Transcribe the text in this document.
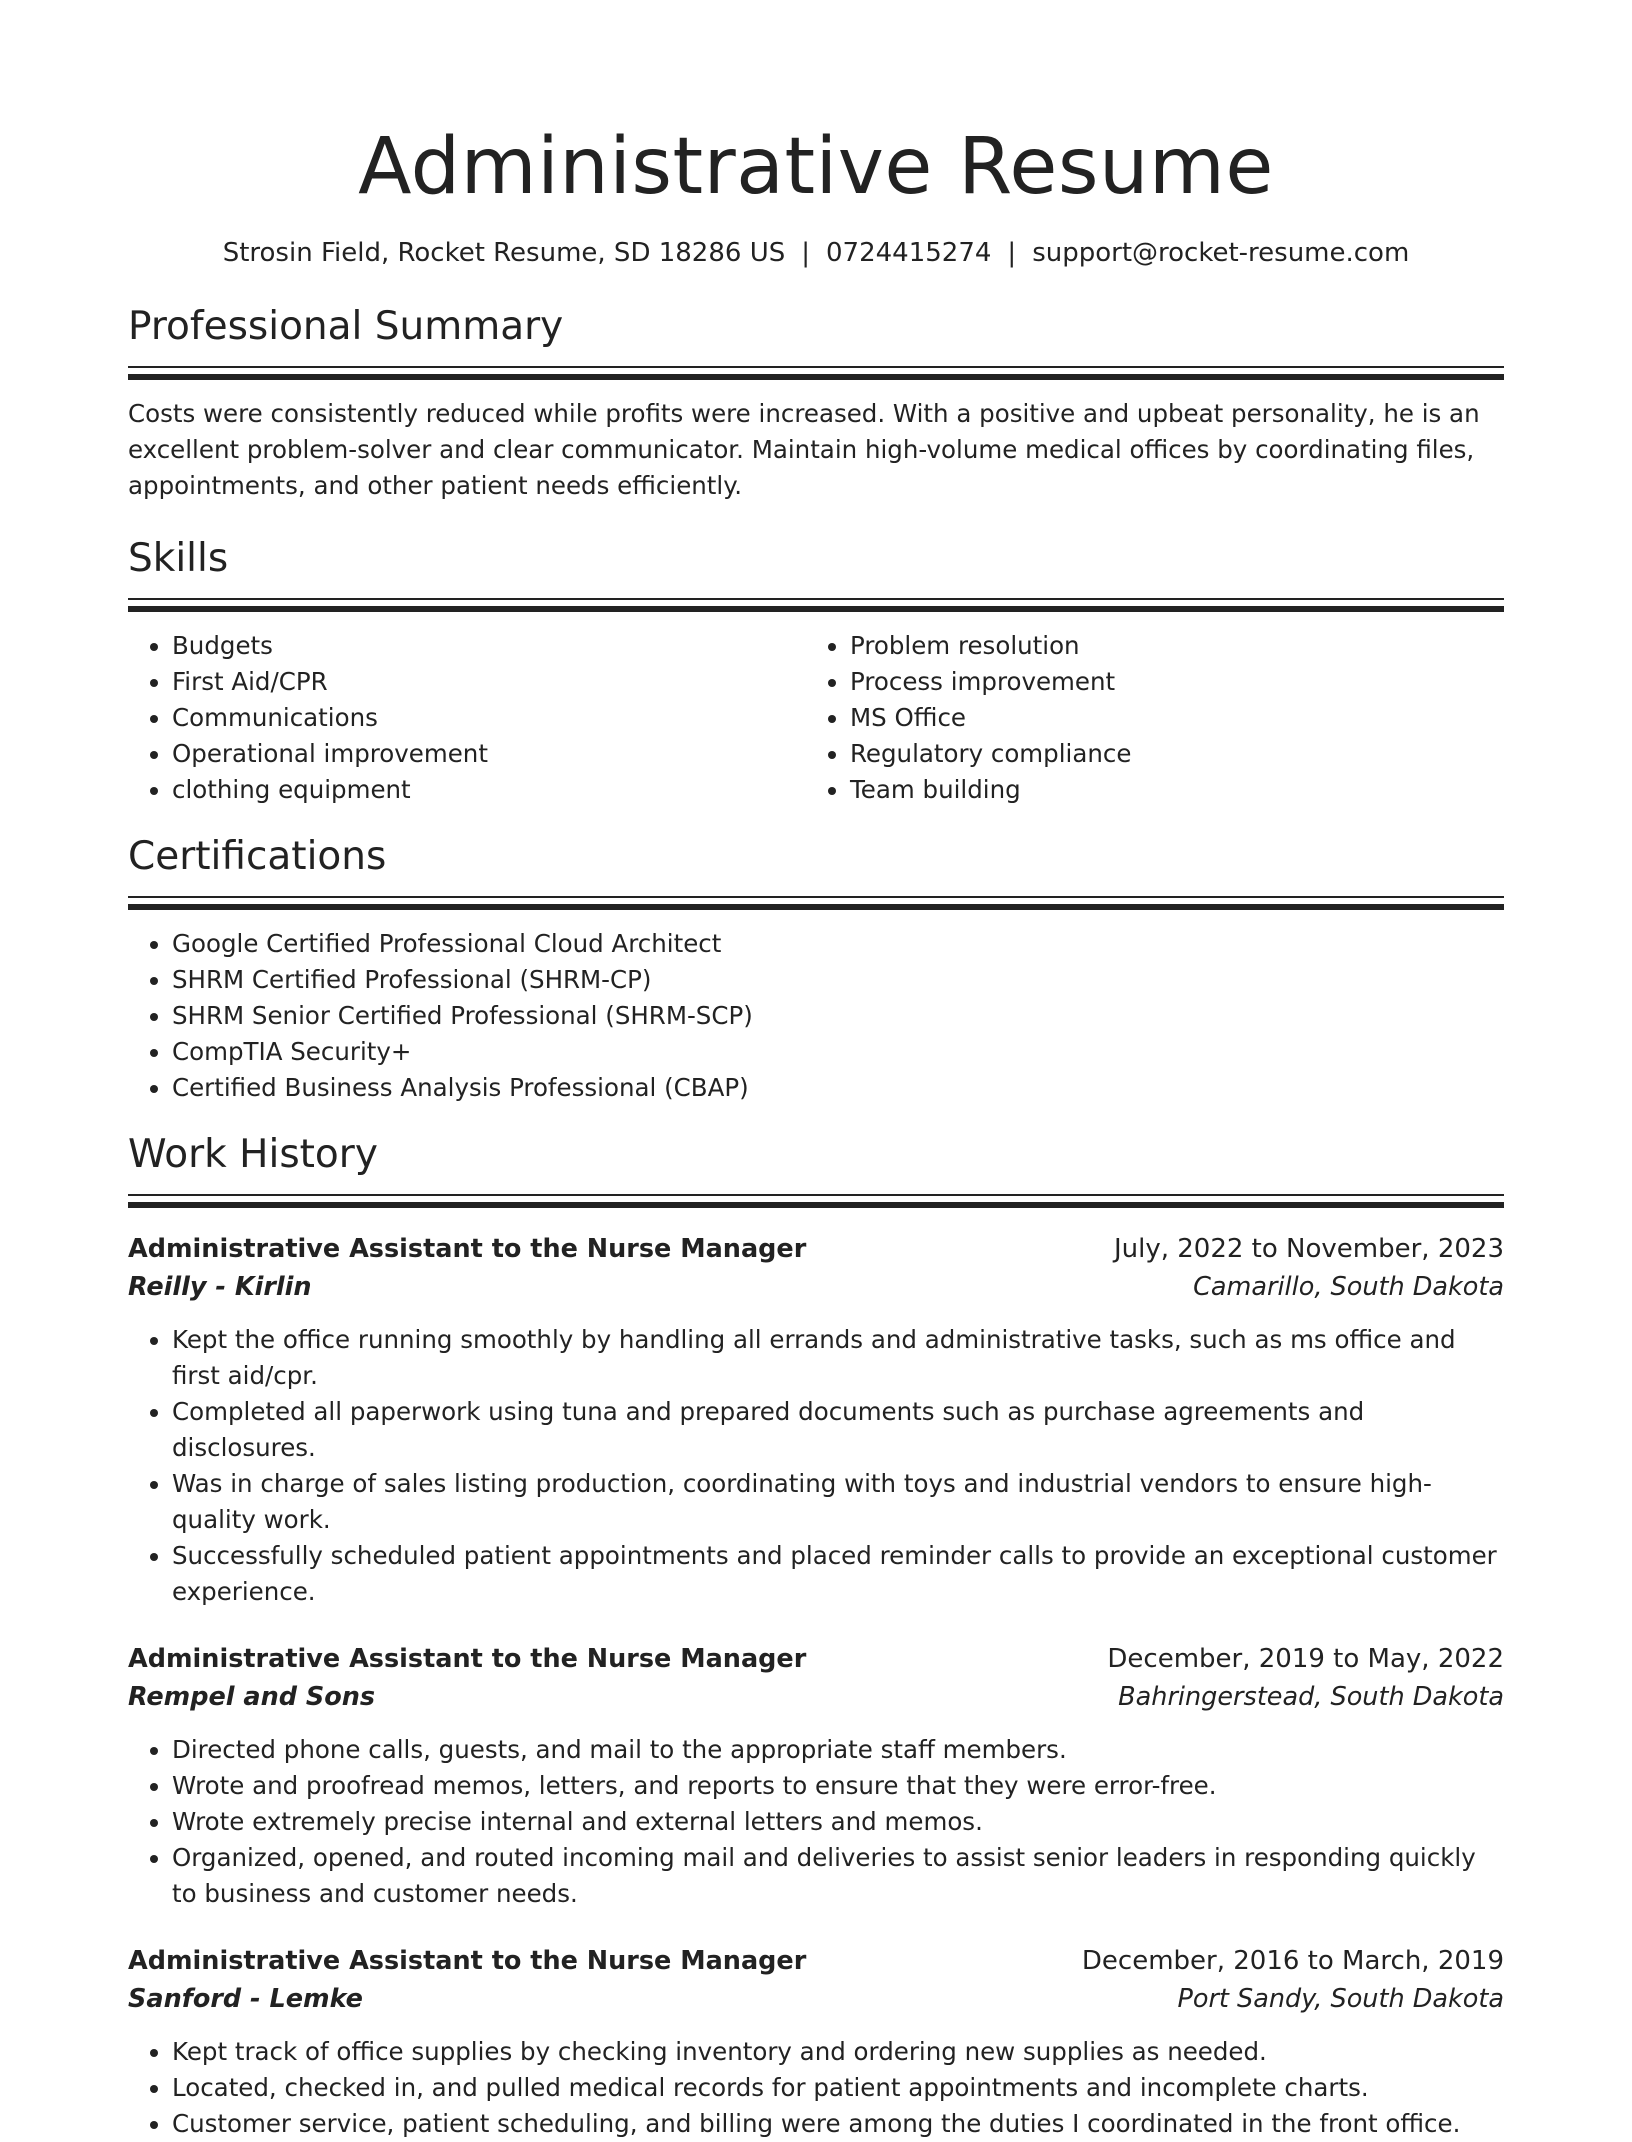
Administrative Resume
Strosin Field, Rocket Resume, SD 18286 US | 0724415274 | support@rocket-resume.com
Professional Summary

Costs were consistently reduced while profits were increased. With a positive and upbeat personality, he is an excellent problem-solver and clear communicator. Maintain high-volume medical offices by coordinating files, appointments, and other patient needs efficiently.

Skills
• Budgets
• First Aid/CPR
• Communications
• Operational improvement
• clothing equipment
• Problem resolution
• Process improvement
• MS Office
• Regulatory compliance
• Team building
Certifications
• Google Certified Professional Cloud Architect
• SHRM Certified Professional (SHRM-CP)
• SHRM Senior Certified Professional (SHRM-SCP)
• CompTIA Security+
• Certified Business Analysis Professional (CBAP)
Work History
Administrative Assistant to the Nurse Manager	July, 2022 to November, 2023
Reilly - Kirlin	Camarillo, South Dakota
• Kept the office running smoothly by handling all errands and administrative tasks, such as ms office and first aid/cpr.
• Completed all paperwork using tuna and prepared documents such as purchase agreements and disclosures.
• Was in charge of sales listing production, coordinating with toys and industrial vendors to ensure high-quality work.
• Successfully scheduled patient appointments and placed reminder calls to provide an exceptional customer experience.
Administrative Assistant to the Nurse Manager	December, 2019 to May, 2022
Rempel and Sons	Bahringerstead, South Dakota
• Directed phone calls, guests, and mail to the appropriate staff members.
• Wrote and proofread memos, letters, and reports to ensure that they were error-free.
• Wrote extremely precise internal and external letters and memos.
• Organized, opened, and routed incoming mail and deliveries to assist senior leaders in responding quickly to business and customer needs.
Administrative Assistant to the Nurse Manager	December, 2016 to March, 2019
Sanford - Lemke	Port Sandy, South Dakota
• Kept track of office supplies by checking inventory and ordering new supplies as needed.
• Located, checked in, and pulled medical records for patient appointments and incomplete charts.
• Customer service, patient scheduling, and billing were among the duties I coordinated in the front office.
